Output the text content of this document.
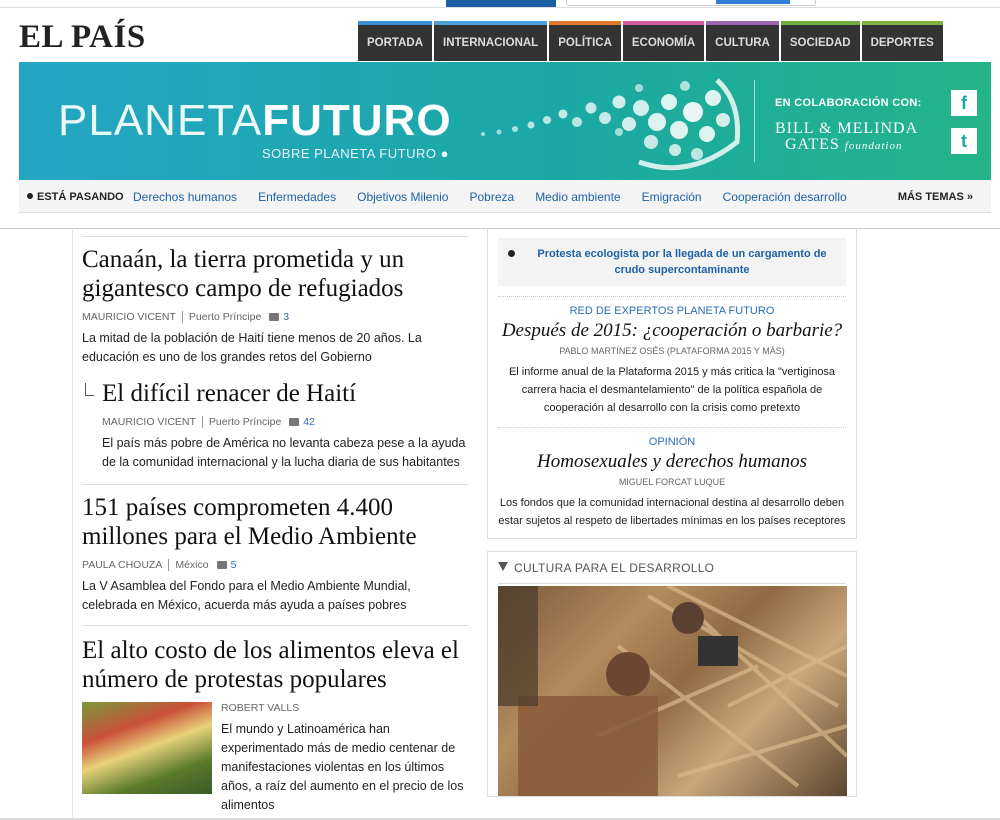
EL PAÍS	PORTADA	INTERNACIONAL	POLÍTICA	ECONOMÍA	CULTURA	SOCIEDAD	DEPORTES
PLANETAFUTURO
SOBRE PLANETA FUTURO ●
EN COLABORACIÓN CON:
BILL & MELINDA
GATES foundation
f
t
ESTÁ PASANDO Derechos humanos Enfermedades Objetivos Milenio Pobreza Medio ambiente Emigración Cooperación desarrollo	MÁS TEMAS »
Canaán, la tierra prometida y un gigantesco campo de refugiados
MAURICIO VICENT Puerto Príncipe 3
La mitad de la población de Haití tiene menos de 20 años. La educación es uno de los grandes retos del Gobierno
El difícil renacer de Haití
MAURICIO VICENT Puerto Príncipe 42
El país más pobre de América no levanta cabeza pese a la ayuda de la comunidad internacional y la lucha diaria de sus habitantes
151 países comprometen 4.400 millones para el Medio Ambiente
PAULA CHOUZA México 5
La V Asamblea del Fondo para el Medio Ambiente Mundial, celebrada en México, acuerda más ayuda a países pobres
El alto costo de los alimentos eleva el número de protestas populares
ROBERT VALLS
El mundo y Latinoamérica han experimentado más de medio centenar de manifestaciones violentas en los últimos años, a raíz del aumento en el precio de los alimentos
Protesta ecologista por la llegada de un cargamento de crudo supercontaminante
RED DE EXPERTOS PLANETA FUTURO
Después de 2015: ¿cooperación o barbarie?
PABLO MARTÍNEZ OSÉS (PLATAFORMA 2015 Y MÁS)
El informe anual de la Plataforma 2015 y más critica la "vertiginosa carrera hacia el desmantelamiento" de la política española de cooperación al desarrollo con la crisis como pretexto
OPINIÓN
Homosexuales y derechos humanos
MIGUEL FORCAT LUQUE
Los fondos que la comunidad internacional destina al desarrollo deben estar sujetos al respeto de libertades mínimas en los países receptores
CULTURA PARA EL DESARROLLO
